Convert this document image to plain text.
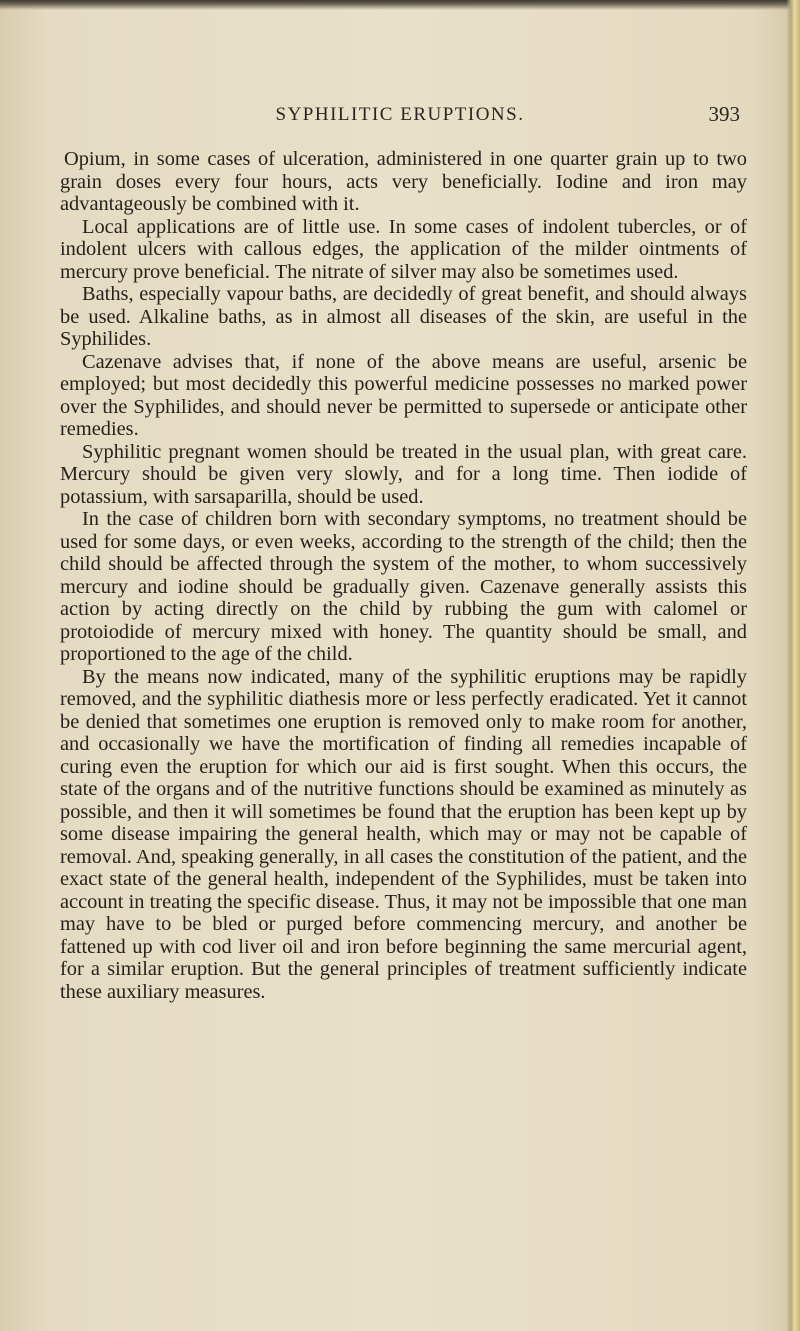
SYPHILITIC ERUPTIONS.	393

Opium, in some cases of ulceration, administered in one quarter grain up to two grain doses every four hours, acts very beneficially. Iodine and iron may advantageously be combined with it.

Local applications are of little use. In some cases of indolent tubercles, or of indolent ulcers with callous edges, the application of the milder ointments of mercury prove beneficial. The nitrate of silver may also be sometimes used.

Baths, especially vapour baths, are decidedly of great benefit, and should always be used. Alkaline baths, as in almost all diseases of the skin, are useful in the Syphilides.

Cazenave advises that, if none of the above means are useful, arsenic be employed; but most decidedly this powerful medicine possesses no marked power over the Syphilides, and should never be permitted to supersede or anticipate other remedies.

Syphilitic pregnant women should be treated in the usual plan, with great care. Mercury should be given very slowly, and for a long time. Then iodide of potassium, with sarsaparilla, should be used.

In the case of children born with secondary symptoms, no treatment should be used for some days, or even weeks, according to the strength of the child; then the child should be affected through the system of the mother, to whom successively mercury and iodine should be gradually given. Cazenave generally assists this action by acting directly on the child by rubbing the gum with calomel or protoiodide of mercury mixed with honey. The quantity should be small, and proportioned to the age of the child.

By the means now indicated, many of the syphilitic eruptions may be rapidly removed, and the syphilitic diathesis more or less perfectly eradicated. Yet it cannot be denied that sometimes one eruption is removed only to make room for another, and occasionally we have the mortification of finding all remedies incapable of curing even the eruption for which our aid is first sought. When this occurs, the state of the organs and of the nutritive functions should be examined as minutely as possible, and then it will sometimes be found that the eruption has been kept up by some disease impairing the general health, which may or may not be capable of removal. And, speaking generally, in all cases the constitution of the patient, and the exact state of the general health, independent of the Syphilides, must be taken into account in treating the specific disease. Thus, it may not be impossible that one man may have to be bled or purged before commencing mercury, and another be fattened up with cod liver oil and iron before beginning the same mercurial agent, for a similar eruption. But the general principles of treatment sufficiently indicate these auxiliary measures.
